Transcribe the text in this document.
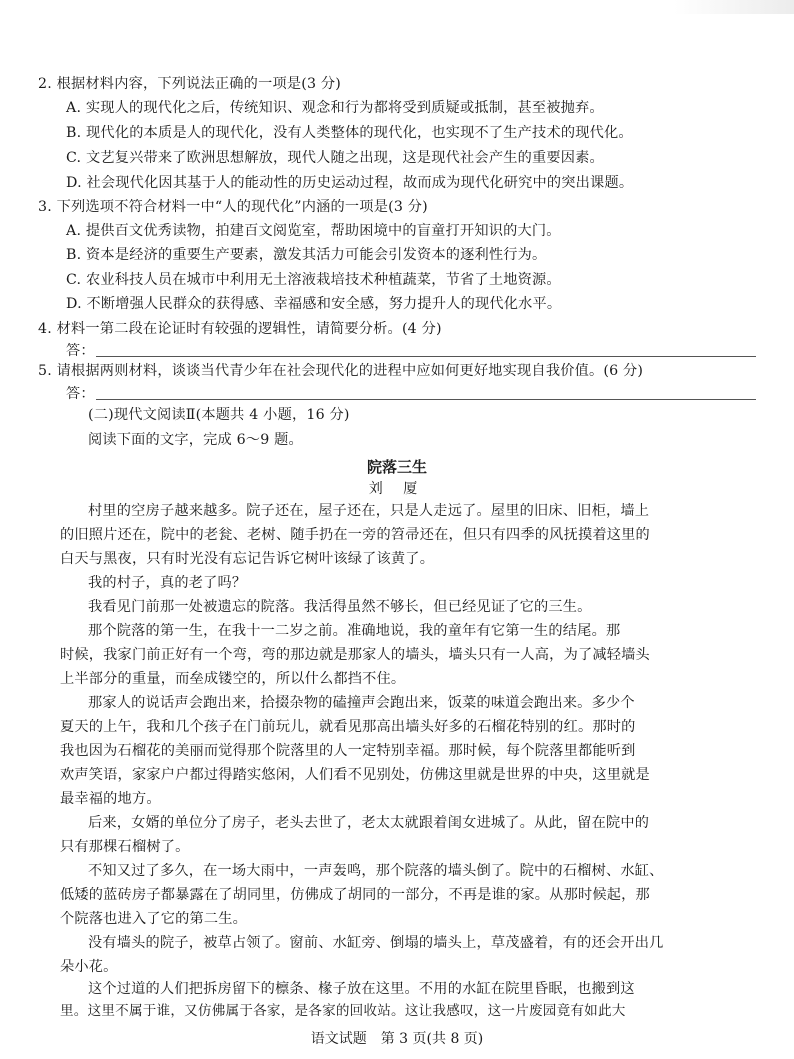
2. 根据材料内容，下列说法正确的一项是(3 分)
A. 实现人的现代化之后，传统知识、观念和行为都将受到质疑或抵制，甚至被抛弃。
B. 现代化的本质是人的现代化，没有人类整体的现代化，也实现不了生产技术的现代化。
C. 文艺复兴带来了欧洲思想解放，现代人随之出现，这是现代社会产生的重要因素。
D. 社会现代化因其基于人的能动性的历史运动过程，故而成为现代化研究中的突出课题。
3. 下列选项不符合材料一中“人的现代化”内涵的一项是(3 分)
A. 提供百文优秀读物，拍建百文阅览室，帮助困境中的盲童打开知识的大门。
B. 资本是经济的重要生产要素，激发其活力可能会引发资本的逐利性行为。
C. 农业科技人员在城市中利用无土溶液栽培技术种植蔬菜，节省了土地资源。
D. 不断增强人民群众的获得感、幸福感和安全感，努力提升人的现代化水平。
4. 材料一第二段在论证时有较强的逻辑性，请简要分析。(4 分)
答：
5. 请根据两则材料，谈谈当代青少年在社会现代化的进程中应如何更好地实现自我价值。(6 分)
答：
(二)现代文阅读Ⅱ(本题共 4 小题，16 分)
阅读下面的文字，完成 6～9 题。
院落三生
刘 厦
村里的空房子越来越多。院子还在，屋子还在，只是人走远了。屋里的旧床、旧柜，墙上
的旧照片还在，院中的老瓮、老树、随手扔在一旁的笤帚还在，但只有四季的风抚摸着这里的
白天与黑夜，只有时光没有忘记告诉它树叶该绿了该黄了。
我的村子，真的老了吗？
我看见门前那一处被遗忘的院落。我活得虽然不够长，但已经见证了它的三生。
那个院落的第一生，在我十一二岁之前。准确地说，我的童年有它第一生的结尾。那
时候，我家门前正好有一个弯，弯的那边就是那家人的墙头，墙头只有一人高，为了减轻墙头
上半部分的重量，而垒成镂空的，所以什么都挡不住。
那家人的说话声会跑出来，拾掇杂物的磕撞声会跑出来，饭菜的味道会跑出来。多少个
夏天的上午，我和几个孩子在门前玩儿，就看见那高出墙头好多的石榴花特别的红。那时的
我也因为石榴花的美丽而觉得那个院落里的人一定特别幸福。那时候，每个院落里都能听到
欢声笑语，家家户户都过得踏实悠闲，人们看不见别处，仿佛这里就是世界的中央，这里就是
最幸福的地方。
后来，女婿的单位分了房子，老头去世了，老太太就跟着闺女进城了。从此，留在院中的
只有那棵石榴树了。
不知又过了多久，在一场大雨中，一声轰鸣，那个院落的墙头倒了。院中的石榴树、水缸、
低矮的蓝砖房子都暴露在了胡同里，仿佛成了胡同的一部分，不再是谁的家。从那时候起，那
个院落也进入了它的第二生。
没有墙头的院子，被草占领了。窗前、水缸旁、倒塌的墙头上，草茂盛着，有的还会开出几
朵小花。
这个过道的人们把拆房留下的檩条、椽子放在这里。不用的水缸在院里昏眠，也搬到这
里。这里不属于谁，又仿佛属于各家，是各家的回收站。这让我感叹，这一片废园竟有如此大
语文试题　第 3 页(共 8 页)
